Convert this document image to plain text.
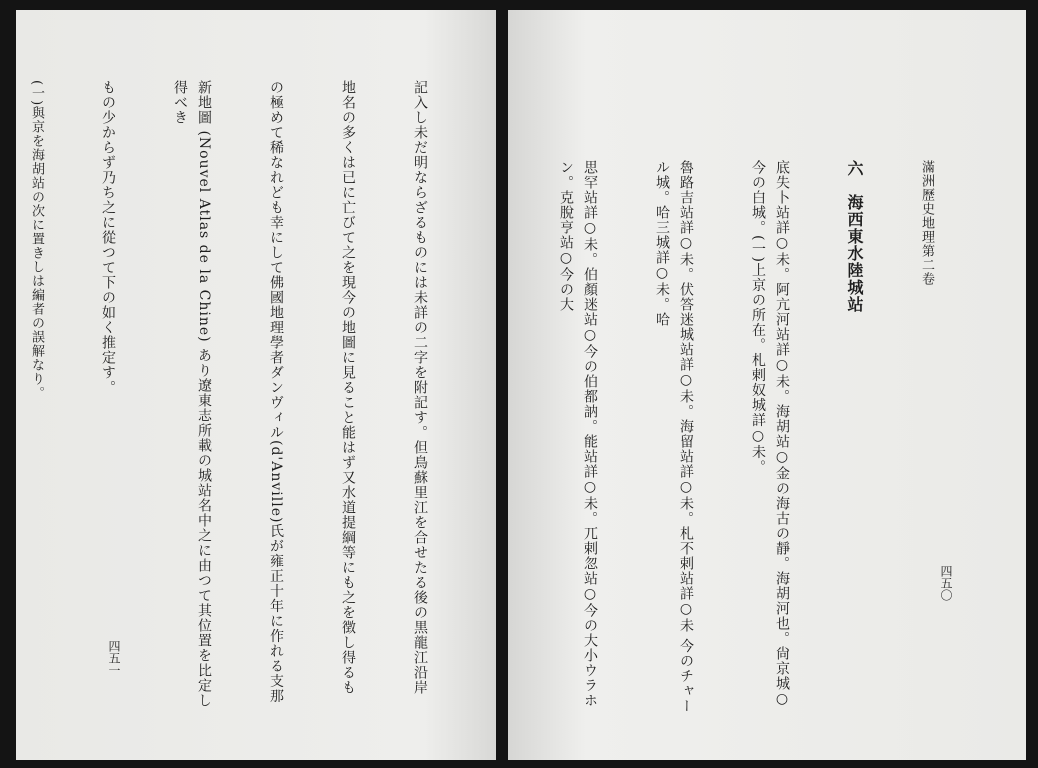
記入し未だ明ならざるものには未詳の二字を附記す。但鳥蘇里江を合せたる後の黒龍江沿岸

地名の多くは已に亡びて之を現今の地圖に見ること能はず又水道提綱等にも之を徴し得るも

の極めて稀なれども幸にして佛國地理學者ダンヴィル(d'Anville)氏が雍正十年に作れる支那

新地圖 (Nouvel Atlas de la Chine) あり遼東志所載の城站名中之に由つて其位置を比定し得べき

もの少からず乃ち之に從つて下の如く推定す。

(一)與京を海胡站の次に置きしは編者の誤解なり。

四五一

滿洲歷史地理第二卷

六　海西東水陸城站

底失卜站詳○未。阿亢河站詳○未。海胡站○金の海古の靜。海胡河也。尙京城○今の白城。(一)上京の所在。札剌奴城詳○未。

魯路吉站詳○未。伏答迷城站詳○未。海留站詳○未。札不剌站詳○未 今のチャール城。哈三城詳○未。哈

思罕站詳○未。伯顏迷站○今の伯都訥。能站詳○未。兀剌忽站○今の大小ウラホン。克脫亨站○今の大

四五〇
